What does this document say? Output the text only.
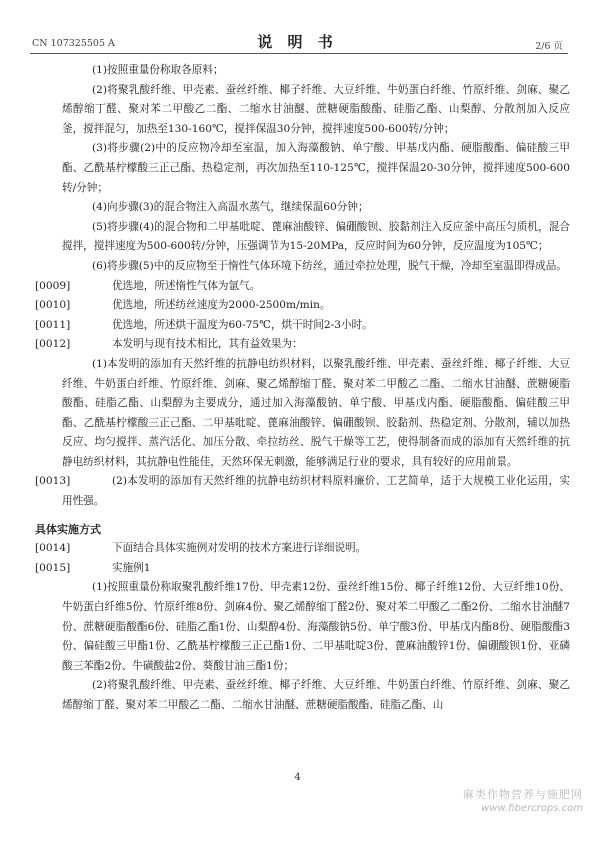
CN 107325505 A	说 明 书	2/6 页

(1)按照重量份称取各原料；

(2)将聚乳酸纤维、甲壳素、蚕丝纤维、椰子纤维、大豆纤维、牛奶蛋白纤维、竹原纤维、剑麻、聚乙烯醇缩丁醛、聚对苯二甲酸乙二酯、二缩水甘油醚、蔗糖硬脂酸酯、硅脂乙酯、山梨醇、分散剂加入反应釜，搅拌混匀，加热至130-160℃，搅拌保温30分钟，搅拌速度500-600转/分钟；

(3)将步骤(2)中的反应物冷却至室温，加入海藻酸钠、单宁酸、甲基戊内酯、硬脂酸酯、偏硅酸三甲酯、乙酰基柠檬酸三正己酯、热稳定剂，再次加热至110-125℃，搅拌保温20-30分钟，搅拌速度500-600转/分钟；

(4)向步骤(3)的混合物注入高温水蒸气，继续保温60分钟；

(5)将步骤(4)的混合物和二甲基吡啶、蓖麻油酸锌、偏硼酸钡、胶黏剂注入反应釜中高压匀质机，混合搅拌，搅拌速度为500-600转/分钟，压强调节为15-20MPa，反应时间为60分钟，反应温度为105℃；

(6)将步骤(5)中的反应物至于惰性气体环境下纺丝，通过牵拉处理，脱气干燥，冷却至室温即得成品。

[0009]	优选地，所述惰性气体为氩气。

[0010]	优选地，所述纺丝速度为2000-2500m/min。

[0011]	优选地，所述烘干温度为60-75℃，烘干时间2-3小时。

[0012]	本发明与现有技术相比，其有益效果为：

(1)本发明的添加有天然纤维的抗静电纺织材料，以聚乳酸纤维、甲壳素、蚕丝纤维、椰子纤维、大豆纤维、牛奶蛋白纤维、竹原纤维、剑麻、聚乙烯醇缩丁醛、聚对苯二甲酸乙二酯、二缩水甘油醚、蔗糖硬脂酸酯、硅脂乙酯、山梨醇为主要成分，通过加入海藻酸钠、单宁酸、甲基戊内酯、硬脂酸酯、偏硅酸三甲酯、乙酰基柠檬酸三正己酯、二甲基吡啶、蓖麻油酸锌、偏硼酸钡、胶黏剂、热稳定剂、分散剂，辅以加热反应、均匀搅拌、蒸汽活化、加压分散、牵拉纺丝、脱气干燥等工艺，使得制备而成的添加有天然纤维的抗静电纺织材料，其抗静电性能佳，天然环保无刺激，能够满足行业的要求，具有较好的应用前景。

[0013]	(2)本发明的添加有天然纤维的抗静电纺织材料原料廉价、工艺简单，适于大规模工业化运用，实用性强。

具体实施方式

[0014]	下面结合具体实施例对发明的技术方案进行详细说明。

[0015]	实施例1

(1)按照重量份称取聚乳酸纤维17份、甲壳素12份、蚕丝纤维15份、椰子纤维12份、大豆纤维10份、牛奶蛋白纤维5份、竹原纤维8份、剑麻4份、聚乙烯醇缩丁醛2份、聚对苯二甲酸乙二酯2份、二缩水甘油醚7份、蔗糖硬脂酸酯6份、硅脂乙酯1份、山梨醇4份、海藻酸钠5份、单宁酸3份、甲基戊内酯8份、硬脂酸酯3份、偏硅酸三甲酯1份、乙酰基柠檬酸三正己酯1份、二甲基吡啶3份、蓖麻油酸锌1份、偏硼酸钡1份、亚磷酸三苯酯2份、牛磺酸盐2份、葵酸甘油三酯1份；

(2)将聚乳酸纤维、甲壳素、蚕丝纤维、椰子纤维、大豆纤维、牛奶蛋白纤维、竹原纤维、剑麻、聚乙烯醇缩丁醛、聚对苯二甲酸乙二酯、二缩水甘油醚、蔗糖硬脂酸酯、硅脂乙酯、山

4
麻类作物营养与施肥网
www.fibercrops.com
